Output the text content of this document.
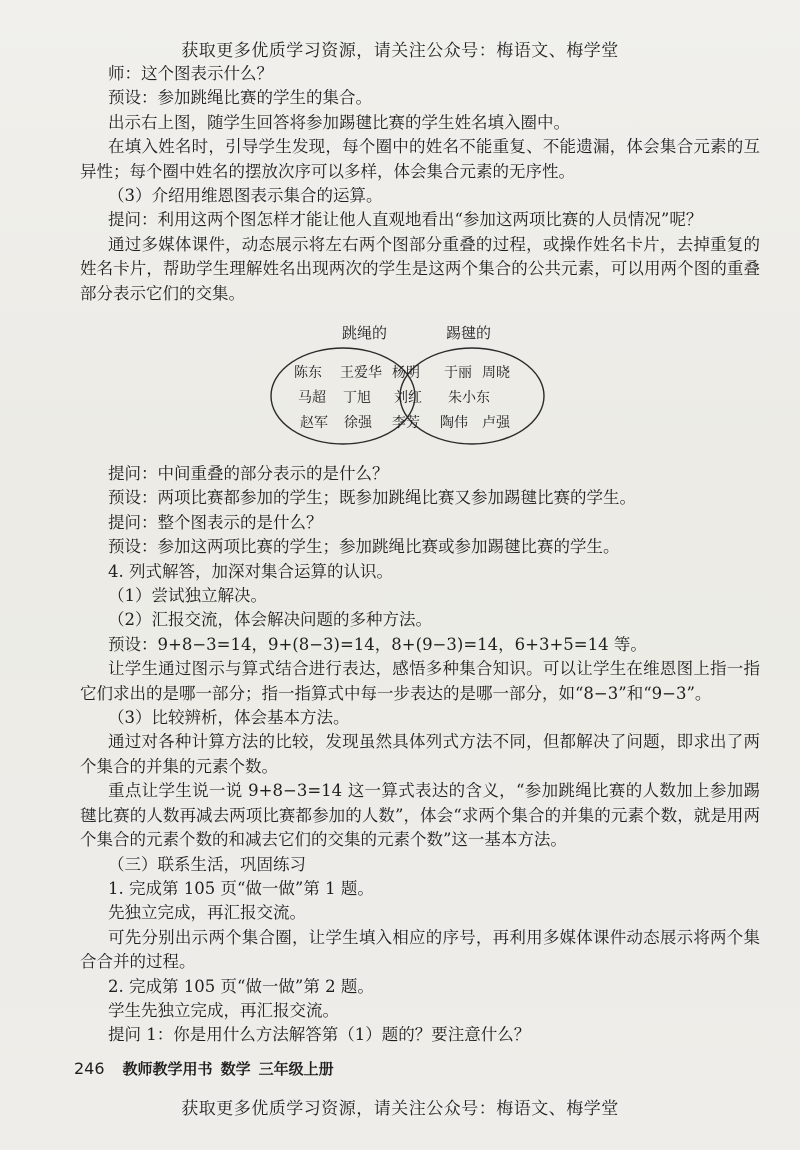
获取更多优质学习资源，请关注公众号：梅语文、梅学堂

师：这个图表示什么？

预设：参加跳绳比赛的学生的集合。

出示右上图，随学生回答将参加踢毽比赛的学生姓名填入圈中。

在填入姓名时，引导学生发现，每个圈中的姓名不能重复、不能遗漏，体会集合元素的互异性；每个圈中姓名的摆放次序可以多样，体会集合元素的无序性。

（3）介绍用维恩图表示集合的运算。

提问：利用这两个图怎样才能让他人直观地看出“参加这两项比赛的人员情况”呢？

通过多媒体课件，动态展示将左右两个图部分重叠的过程，或操作姓名卡片，去掉重复的姓名卡片，帮助学生理解姓名出现两次的学生是这两个集合的公共元素，可以用两个图的重叠部分表示它们的交集。

跳绳的	踢毽的
陈东 王爱华
马超 丁旭
赵军 徐强
杨明
刘红
李芳
于丽 周晓
朱小东
陶伟 卢强

提问：中间重叠的部分表示的是什么？

预设：两项比赛都参加的学生；既参加跳绳比赛又参加踢毽比赛的学生。

提问：整个图表示的是什么？

预设：参加这两项比赛的学生；参加跳绳比赛或参加踢毽比赛的学生。

4. 列式解答，加深对集合运算的认识。

（1）尝试独立解决。

（2）汇报交流，体会解决问题的多种方法。

预设：9+8−3=14，9+(8−3)=14，8+(9−3)=14，6+3+5=14 等。

让学生通过图示与算式结合进行表达，感悟多种集合知识。可以让学生在维恩图上指一指它们求出的是哪一部分；指一指算式中每一步表达的是哪一部分，如“8−3”和“9−3”。

（3）比较辨析，体会基本方法。

通过对各种计算方法的比较，发现虽然具体列式方法不同，但都解决了问题，即求出了两个集合的并集的元素个数。

重点让学生说一说 9+8−3=14 这一算式表达的含义，“参加跳绳比赛的人数加上参加踢毽比赛的人数再减去两项比赛都参加的人数”，体会“求两个集合的并集的元素个数，就是用两个集合的元素个数的和减去它们的交集的元素个数”这一基本方法。

（三）联系生活，巩固练习

1. 完成第 105 页“做一做”第 1 题。

先独立完成，再汇报交流。

可先分别出示两个集合圈，让学生填入相应的序号，再利用多媒体课件动态展示将两个集合合并的过程。

2. 完成第 105 页“做一做”第 2 题。

学生先独立完成，再汇报交流。

提问 1：你是用什么方法解答第（1）题的？要注意什么？

246 教师教学用书 数学 三年级上册
获取更多优质学习资源，请关注公众号：梅语文、梅学堂
